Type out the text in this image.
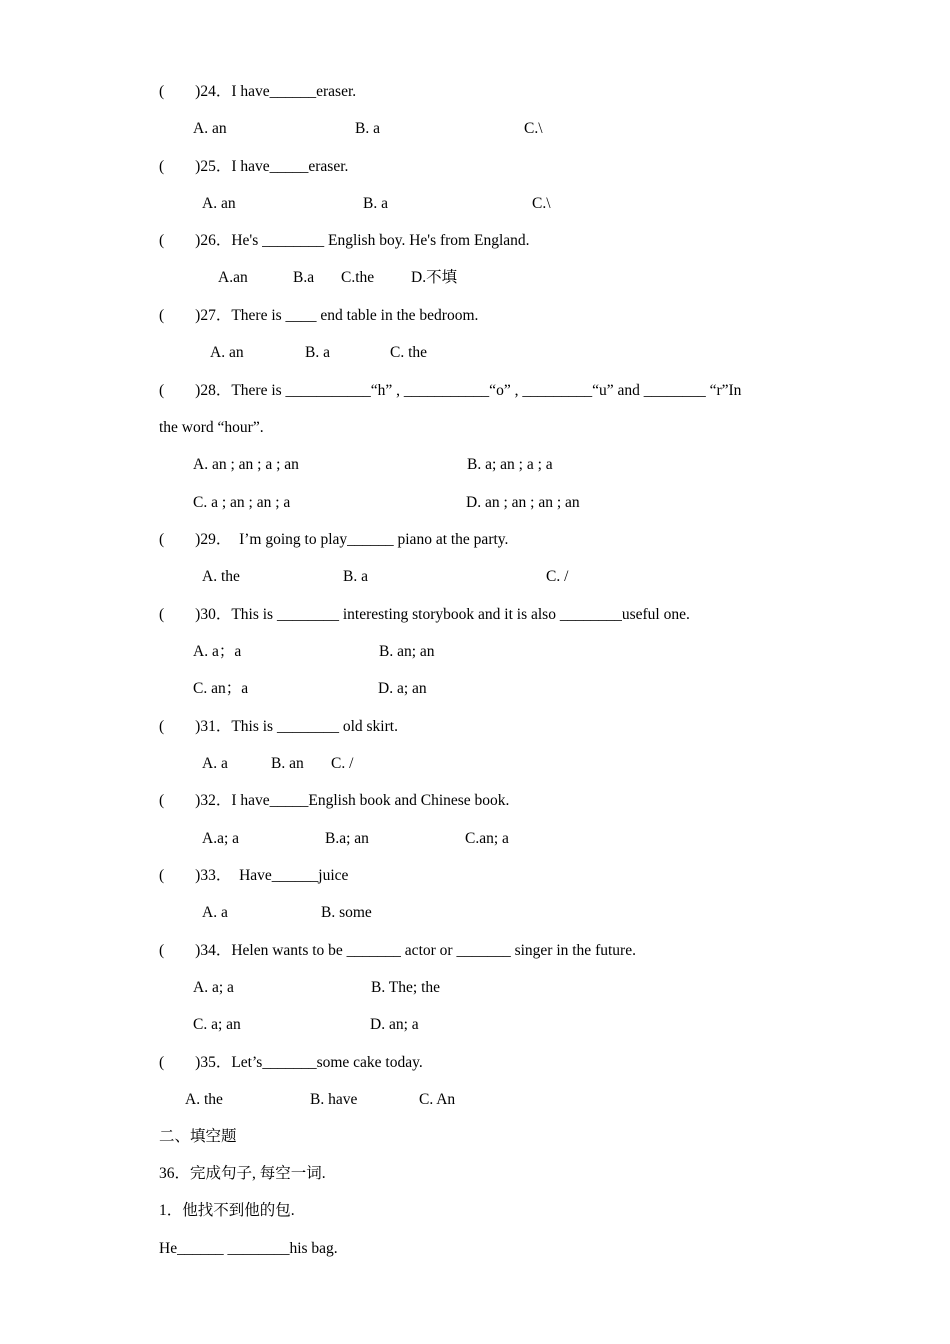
(        )24．I have______eraser.
A. an	B. a	C.\
(        )25．I have_____eraser.
A. an	B. a	C.\
(        )26．He's ________ English boy. He's from England.
A.an	B.a C.the D.不填
(        )27．There is ____ end table in the bedroom.
A. an	B. a	C. the
(        )28．There is ___________“h” , ___________“o” , _________“u” and ________ “r”In
the word “hour”.
A. an ; an ; a ; an	B. a; an ; a ; a
C. a ; an ; an ; a	D. an ; an ; an ; an
(        )29．  I’m going to play______ piano at the party.
A. the	B. a	C. /
(        )30．This is ________ interesting storybook and it is also ________useful one.
A. a；a	B. an; an
C. an；a	D. a; an
(        )31．This is ________ old skirt.
A. a	B. an C. /
(        )32．I have_____English book and Chinese book.
A.a; a	B.a; an	C.an; a
(        )33．  Have______juice
A. a	B. some
(        )34．Helen wants to be _______ actor or _______ singer in the future.
A. a; a	B. The; the
C. a; an	D. an; a
(        )35．Let’s_______some cake today.
A. the	B. have	C. An
二、填空题
36．完成句子, 每空一词.
1．他找不到他的包.
He______ ________his bag.
